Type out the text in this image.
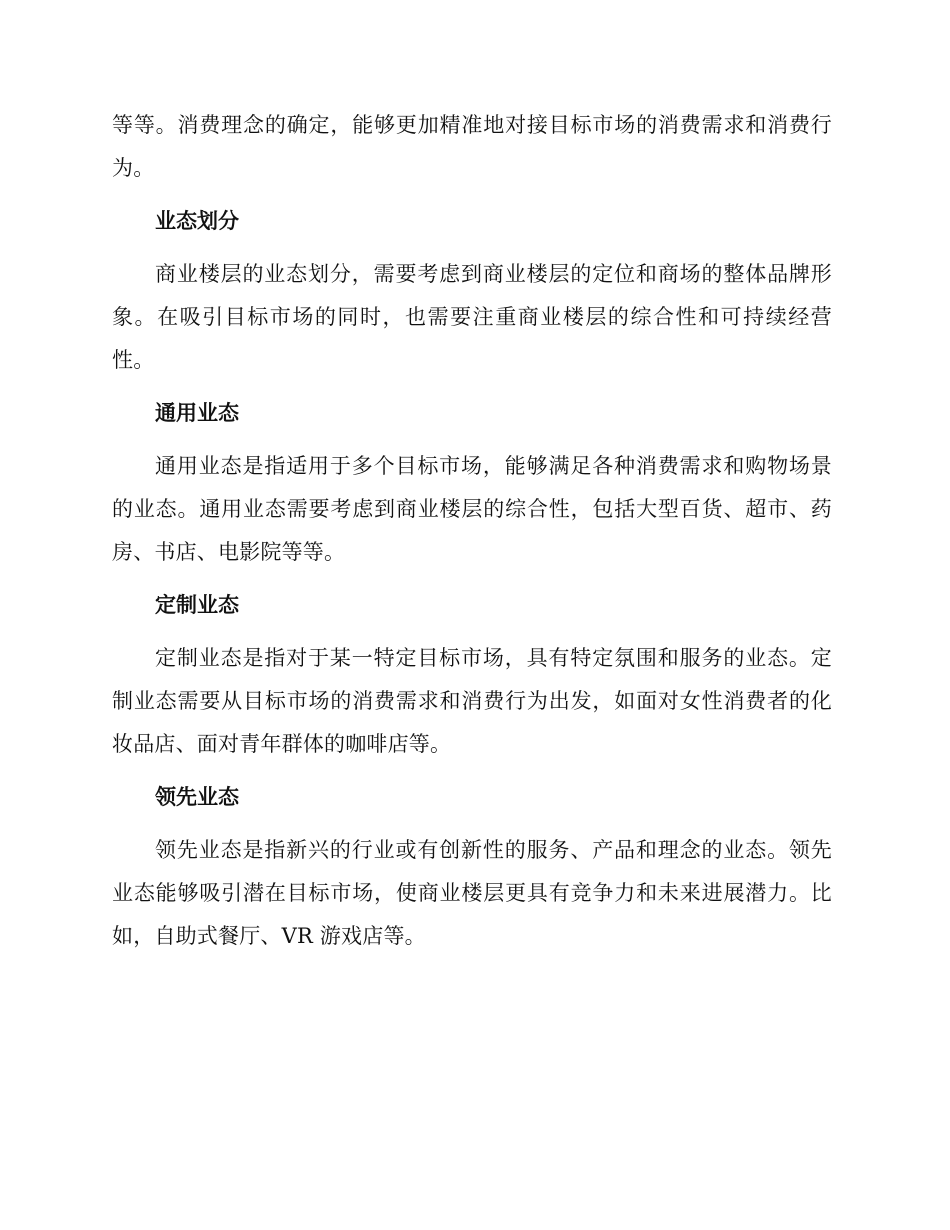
等等。消费理念的确定，能够更加精准地对接目标市场的消费需求和消费行为。

业态划分

商业楼层的业态划分，需要考虑到商业楼层的定位和商场的整体品牌形象。在吸引目标市场的同时，也需要注重商业楼层的综合性和可持续经营性。

通用业态

通用业态是指适用于多个目标市场，能够满足各种消费需求和购物场景的业态。通用业态需要考虑到商业楼层的综合性，包括大型百货、超市、药房、书店、电影院等等。

定制业态

定制业态是指对于某一特定目标市场，具有特定氛围和服务的业态。定制业态需要从目标市场的消费需求和消费行为出发，如面对女性消费者的化妆品店、面对青年群体的咖啡店等。

领先业态

领先业态是指新兴的行业或有创新性的服务、产品和理念的业态。领先业态能够吸引潜在目标市场，使商业楼层更具有竞争力和未来进展潜力。比如，自助式餐厅、VR 游戏店等。
